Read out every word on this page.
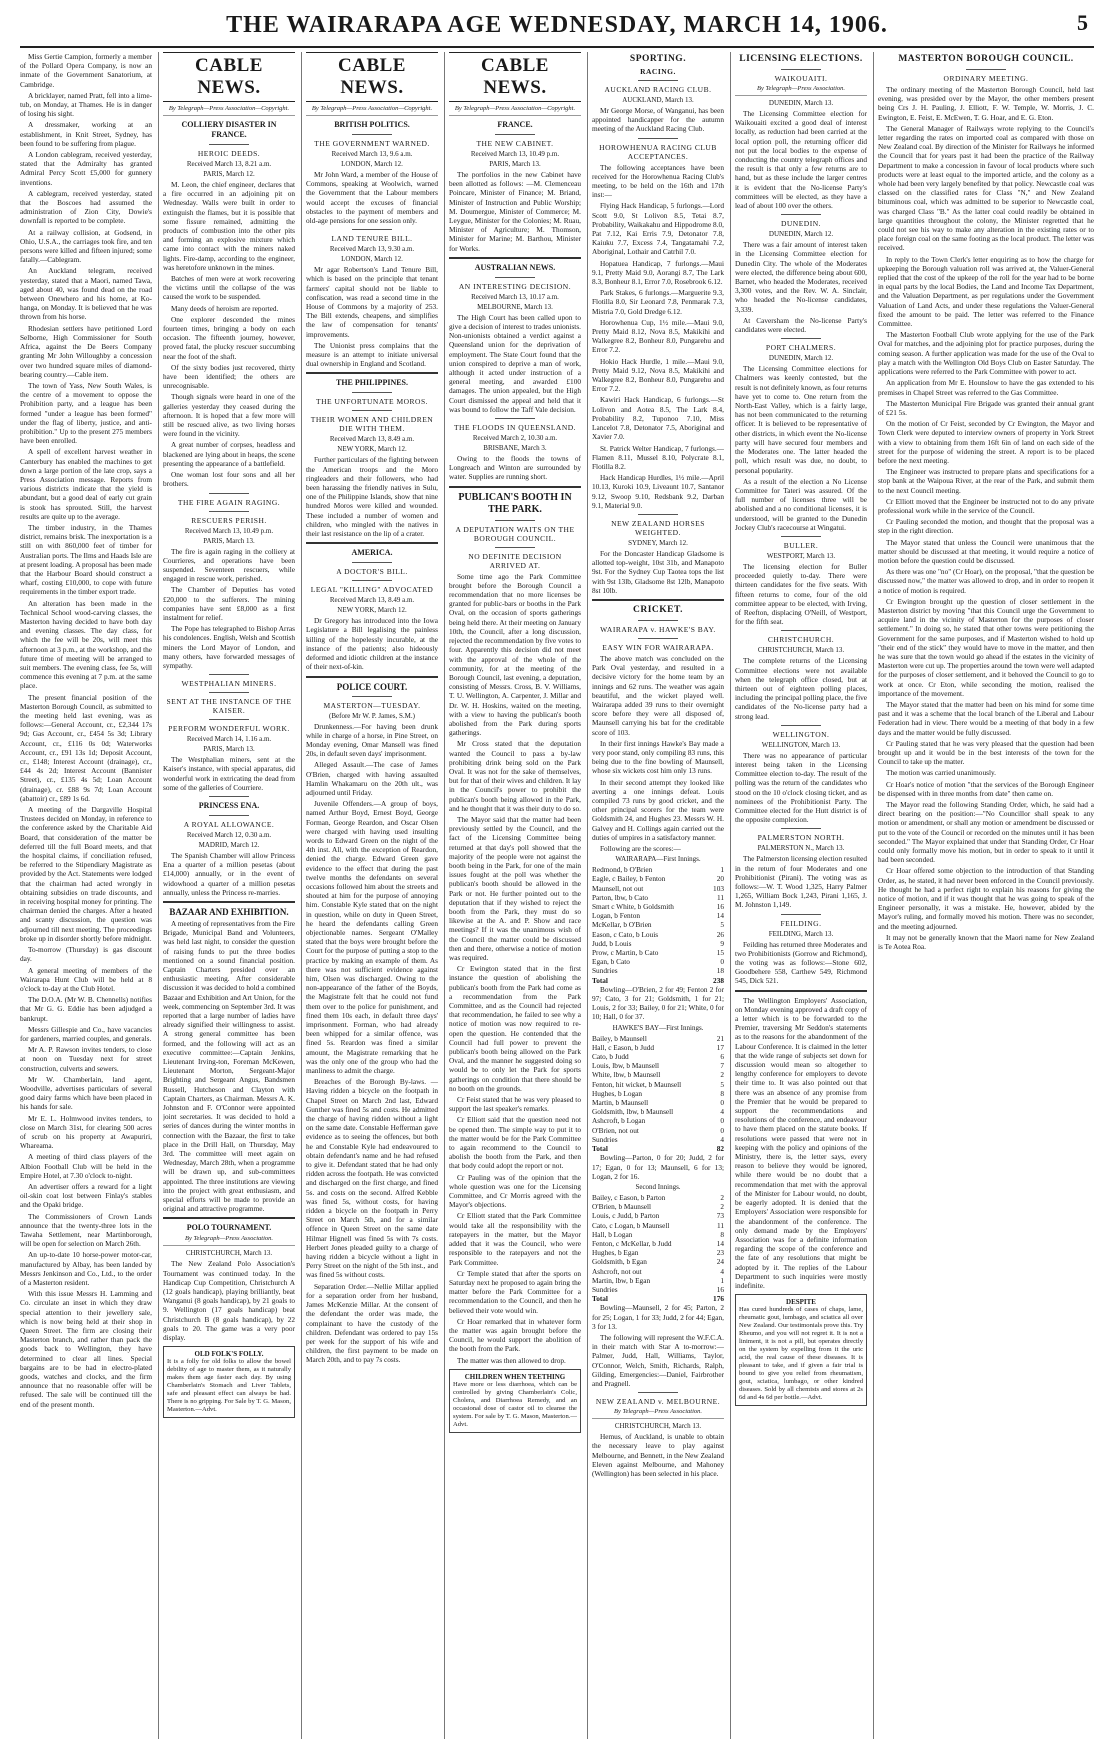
THE WAIRARAPA AGE WEDNESDAY, MARCH 14, 1906.	5

Miss Gertie Campion, formerly a member of the Pollard Opera Company, is now an inmate of the Government Sanatorium, at Cambridge.

A bricklayer, named Pratt, fell into a lime-tub, on Monday, at Thames. He is in danger of losing his sight.

A dressmaker, working at an establishment, in Knit Street, Sydney, has been found to be suffering from plague.

A London cablegram, received yesterday, stated that the Admiralty has granted Admiral Percy Scott £5,000 for gunnery inventions.

A cablegram, received yesterday, stated that the Boscoes had assumed the administration of Zion City, Dowie's downfall is reported to be complete.

At a railway collision, at Godsend, in Ohio, U.S.A., the carriages took fire, and ten persons were killed and fifteen injured; some fatally.—Cablegram.

An Auckland telegram, received yesterday, stated that a Maori, named Tawa, aged about 40, was found dead on the road between Onewhero and his home, at Ko-hanga, on Monday. It is believed that he was thrown from his horse.

Rhodesian settlers have petitioned Lord Selborne, High Commissioner for South Africa, against the De Beers Company granting Mr John Willoughby a concession over two hundred square miles of diamond-bearing country.—Cable item.

The town of Yass, New South Wales, is the centre of a movement to oppose the Prohibition party, and a league has been formed "under a league has been formed" under the flag of liberty, justice, and anti-prohibition." Up to the present 275 members have been enrolled.

A spell of excellent harvest weather in Canterbury has enabled the machines to get down a large portion of the late crop, says a Press Association message. Reports from various districts indicate that the yield is abundant, but a good deal of early cut grain is stook has sprouted. Still, the harvest results are quite up to the average.

The timber industry, in the Thames district, remains brisk. The inexportation is a still on with 860,000 feet of timber for Australian ports. The Ilms and Haads Isle are at present loading. A proposal has been made that the Harbour Board should construct a wharf, costing £10,000, to cope with future requirements in the timber export trade.

An alteration has been made in the Technical School wood-carving classes, the Masterton having decided to have both day and evening classes. The day class, for which the fee will be 20s, will meet this afternoon at 3 p.m., at the workshop, and the future time of meeting will be arranged to suit members. The evening class, fee 5s, will commence this evening at 7 p.m. at the same place.

The present financial position of the Masterton Borough Council, as submitted to the meeting held last evening, was as follows:—General Account, cr., £2,344 17s 9d; Gas Account, cr., £454 5s 3d; Library Account, cr., £116 0s 0d; Waterworks Account, cr., £91 13s 1d; Deposit Account, cr., £148; Interest Account (drainage), cr., £44 4s 2d; Interest Account (Bannister Street), cr., £135 4s 5d; Loan Account (drainage), cr. £88 9s 7d; Loan Account (abattoir) cr., £89 1s 6d.

A meeting of the Dargaville Hospital Trustees decided on Monday, in reference to the conference asked by the Charitable Aid Board, that consideration of the matter be deferred till the full Board meets, and that the hospital claims, if conciliation refused, be referred to the Stipendiary Magistrate as provided by the Act. Statements were lodged that the chairman had acted wrongly in obtaining subsidies on trade discounts, and in receiving hospital money for printing. The chairman denied the charges. After a heated and scanty discussion, the question was adjourned till next meeting. The proceedings broke up in disorder shortly before midnight.

To-morrow (Thursday) is gas discount day.

A general meeting of members of the Wairarapa Hunt Club will be held at 8 o'clock to-day at the Club Hotel.

The D.O.A. (Mr W. B. Chennells) notifies that Mr G. G. Eddie has been adjudged a bankrupt.

Messrs Gillespie and Co., have vacancies for gardeners, married couples, and generals.

Mr A. P. Rawson invites tenders, to close at noon on Tuesday next for street construction, culverts and sewers.

Mr W. Chamberlain, land agent, Woodville, advertises particulars of several good dairy farms which have been placed in his hands for sale.

Mr E. L. Holmwood invites tenders, to close on March 31st, for clearing 500 acres of scrub on his property at Awapuriri, Whareama.

A meeting of third class players of the Albion Football Club will be held in the Empire Hotel, at 7.30 o'clock to-night.

An advertiser offers a reward for a light oil-skin coat lost between Finlay's stables and the Opaki bridge.

The Commissioners of Crown Lands announce that the twenty-three lots in the Tawaha Settlement, near Martinborough, will be open for selection on March 26th.

An up-to-date 10 horse-power motor-car, manufactured by Albay, has been landed by Messrs Jenkinson and Co., Ltd., to the order of a Masterton resident.

With this issue Messrs H. Lamming and Co. circulate an inset in which they draw special attention to their jewellery sale, which is now being held at their shop in Queen Street. The firm are closing their Masterton branch, and rather than pack the goods back to Wellington, they have determined to clear all lines. Special bargains are to be had in electro-plated goods, watches and clocks, and the firm announce that no reasonable offer will be refused. The sale will be continued till the end of the present month.

CABLE NEWS.
By Telegraph—Press Association—Copyright.
COLLIERY DISASTER IN FRANCE.
HEROIC DEEDS.
Received March 13, 8.21 a.m.
PARIS, March 12.

M. Leon, the chief engineer, declares that a fire occurred in an adjoining pit on Wednesday. Walls were built in order to extinguish the flames, but it is possible that some fissure remained, admitting the products of combustion into the other pits and forming an explosive mixture which came into contact with the miners naked lights. Fire-damp, according to the engineer, was heretofore unknown in the mines.

Batches of men were at work recovering the victims until the collapse of the was caused the work to be suspended.

Many deeds of heroism are reported.

One explorer descended the mines fourteen times, bringing a body on each occasion. The fifteenth journey, however, proved fatal, the plucky rescuer succumbing near the foot of the shaft.

Of the sixty bodies just recovered, thirty have been identified; the others are unrecognisable.

Though signals were heard in one of the galleries yesterday they ceased during the afternoon. It is hoped that a few more will still be rescued alive, as two living horses were found in the vicinity.

A great number of corpses, headless and blackened are lying about in heaps, the scene presenting the appearance of a battlefield.

One woman lost four sons and all her brothers.

THE FIRE AGAIN RAGING.
RESCUERS PERISH.
Received March 13, 10.49 p.m.
PARIS, March 13.

The fire is again raging in the colliery at Courrieres, and operations have been suspended. Seventeen rescuers, while engaged in rescue work, perished.

The Chamber of Deputies has voted £20,000 to the sufferers. The mining companies have sent £8,000 as a first instalment for relief.

The Pope has telegraphed to Bishop Arras his condolences. English, Welsh and Scottish miners the Lord Mayor of London, and many others, have forwarded messages of sympathy.

WESTPHALIAN MINERS.
SENT AT THE INSTANCE OF THE KAISER.
PERFORM WONDERFUL WORK.
Received March 14, 1.16 a.m.
PARIS, March 13.

The Westphalian miners, sent at the Kaiser's instance, with special apparatus, did wonderful work in extricating the dead from some of the galleries of Courriere.

PRINCESS ENA.
A ROYAL ALLOWANCE.
Received March 12, 0.30 a.m.
MADRID, March 12.

The Spanish Chamber will allow Princess Ena a quarter of a million pesetas (about £14,000) annually, or in the event of widowhood a quarter of a million pesetas annually, unless the Princess re-marries.

BAZAAR AND EXHIBITION.

A meeting of representatives from the Fire Brigade, Municipal Band and Volunteers, was held last night, to consider the question of raising funds to put the three bodies mentioned on a sound financial position. Captain Charters presided over an enthusiastic meeting. After considerable discussion it was decided to hold a combined Bazaar and Exhibition and Art Union, for the week, commencing on September 3rd. It was reported that a large number of ladies have already signified their willingness to assist. A strong general committee has been formed, and the following will act as an executive committee:—Captain Jenkins, Lieutenant Irving-ton, Foreman McKewen, Lieutenant Morton, Sergeant-Major Brighting and Sergeant Angus, Bandsmen Russell, Hutcheson and Clayton with Captain Charters, as Chairman. Messrs A. K. Johnston and F. O'Connor were appointed joint secretaries. It was decided to hold a series of dances during the winter months in connection with the Bazaar, the first to take place in the Drill Hall, on Thursday, May 3rd. The committee will meet again on Wednesday, March 28th, when a programme will be drawn up, and sub-committees appointed. The three institutions are viewing into the project with great enthusiasm, and special efforts will be made to provide an original and attractive programme.

POLO TOURNAMENT.
By Telegraph—Press Association.
CHRISTCHURCH, March 13.

The New Zealand Polo Association's Tournament was continued today. In the Handicap Cup Competition, Christchurch A (12 goals handicap), playing brilliantly, beat Wanganui (8 goals handicap), by 21 goals to 9. Wellington (17 goals handicap) beat Christchurch B (8 goals handicap), by 22 goals to 20. The game was a very poor display.

OLD FOLK'S FOLLY.
It is a folly for old folks to allow the bowel debility of age to master them, as it naturally makes them age faster each day. By using Chamberlain's Stomach and Liver Tablets, safe and pleasant effect can always be had. There is no gripping. For Sale by T. G. Mason, Masterton.—Advt.
CABLE NEWS.
By Telegraph—Press Association—Copyright.
BRITISH POLITICS.
THE GOVERNMENT WARNED.
Received March 13, 9.6 a.m.
LONDON, March 12.

Mr John Ward, a member of the House of Commons, speaking at Woolwich, warned the Government that the Labour members would accept the excuses of financial obstacles to the payment of members and old-age pensions for one session only.

LAND TENURE BILL.
Received March 13, 9.30 a.m.
LONDON, March 12.

Mr agar Robertson's Land Tenure Bill, which is based on the principle that tenant farmers' capital should not be liable to confiscation, was read a second time in the House of Commons by a majority of 253. The Bill extends, cheapens, and simplifies the law of compensation for tenants' improvements.

The Unionist press complains that the measure is an attempt to initiate universal dual ownership in England and Scotland.

THE PHILIPPINES.
THE UNFORTUNATE MOROS.
THEIR WOMEN AND CHILDREN DIE WITH THEM.
Received March 13, 8.49 a.m.
NEW YORK, March 12.

Further particulars of the fighting between the American troops and the Moro ringleaders and their followers, who had been harassing the friendly natives in Sulu, one of the Philippine Islands, show that nine hundred Moros were killed and wounded. These included a number of women and children, who mingled with the natives in their last resistance on the lip of a crater.

AMERICA.
A DOCTOR'S BILL.
LEGAL "KILLING" ADVOCATED
Received March 13, 8.49 a.m.
NEW YORK, March 12.

Dr Gregory has introduced into the Iowa Legislature a Bill legalising the painless killing of the hopelessly incurable, at the instance of the patients; also hideously deformed and idiotic children at the instance of their next-of-kin.

POLICE COURT.
MASTERTON—TUESDAY.
(Before Mr W. P. James, S.M.)

Drunkenness.—For having been drunk while in charge of a horse, in Pine Street, on Monday evening, Omar Mansell was fined 20s, in default seven days' imprisonment.

Alleged Assault.—The case of James O'Brien, charged with having assaulted Hamlin Whakamaru on the 20th ult., was adjourned until Friday.

Juvenile Offenders.—A group of boys, named Arthur Boyd, Ernest Boyd, George Forman, George Reardon, and Oscar Olsen were charged with having used insulting words to Edward Green on the night of the 4th inst. All, with the exception of Reardon, denied the charge. Edward Green gave evidence to the effect that during the past twelve months the defendants on several occasions followed him about the streets and shouted at him for the purpose of annoying him. Constable Kyle stated that on the night in question, while on duty in Queen Street, he heard the defendants calling Green objectionable names. Sergeant O'Malley stated that the boys were brought before the Court for the purpose of putting a stop to the practice by making an example of them. As there was not sufficient evidence against him, Olsen was discharged. Owing to the non-appearance of the father of the Boyds, the Magistrate felt that he could not fund them over to the police for punishment, and fined them 10s each, in default three days' imprisonment. Forman, who had already been whipped for a similar offence, was fined 5s. Reardon was fined a similar amount, the Magistrate remarking that he was the only one of the group who had the manliness to admit the charge.

Breaches of the Borough By-laws. —Having ridden a bicycle on the footpath in Chapel Street on March 2nd last, Edward Gunther was fined 5s and costs. He admitted the charge of having ridden without a light on the same date. Constable Hefferman gave evidence as to seeing the offences, but both he and Constable Kyle had endeavoured to obtain defendant's name and he had refused to give it. Defendant stated that he had only ridden across the footpath. He was convicted and discharged on the first charge, and fined 5s. and costs on the second. Alfred Kebble was fined 5s, without costs, for having ridden a bicycle on the footpath in Perry Street on March 5th, and for a similar offence in Queen Street on the same date Hilmar Hignell was fined 5s with 7s costs. Herbert Jones pleaded guilty to a charge of having ridden a bicycle without a light in Perry Street on the night of the 5th inst., and was fined 5s without costs.

Separation Order.—Nellie Millar applied for a separation order from her husband, James McKenzie Millar. At the consent of the defendant the order was made, the complainant to have the custody of the children. Defendant was ordered to pay 15s per week for the support of his wife and children, the first payment to be made on March 20th, and to pay 7s costs.

CABLE NEWS.
By Telegraph—Press Association—Copyright.
FRANCE.
THE NEW CABINET.
Received March 13, 10.49 p.m.
PARIS, March 13.

The portfolios in the new Cabinet have been allotted as follows: —M. Clemenceau Poincare, Minister of Finance; M. Briand, Minister of Instruction and Public Worship; M. Doumergue, Minister of Commerce; M. Leygue, Minister for the Colonies; M. Ruau, Minister of Agriculture; M. Thomson, Minister for Marine; M. Barthou, Minister for Works.

AUSTRALIAN NEWS.
AN INTERESTING DECISION.
Received March 13, 10.17 a.m.
MELBOURNE, March 13.

The High Court has been called upon to give a decision of interest to trades unionists. Non-unionists obtained a verdict against a Queensland union for the deprivation of employment. The State Court found that the union conspired to deprive a man of work, although it acted under instruction of a general meeting, and awarded £100 damages. The union appealed, but the High Court dismissed the appeal and held that it was bound to follow the Taff Vale decision.

THE FLOODS IN QUEENSLAND.
Received March 2, 10.30 a.m.
BRISBANE, March 3.

Owing to the floods the towns of Longreach and Winton are surrounded by water. Supplies are running short.

PUBLICAN'S BOOTH IN THE PARK.
A DEPUTATION WAITS ON THE BOROUGH COUNCIL.
NO DEFINITE DECISION ARRIVED AT.

Some time ago the Park Committee brought before the Borough Council a recommendation that no more licenses be granted for public-bars or booths in the Park Oval, on the occasion of sports gatherings being held there. At their meeting on January 10th, the Council, after a long discussion, rejected the recommendation by five votes to four. Apparently this decision did not meet with the approval of the whole of the community, for at the meeting of the Borough Council, last evening, a deputation, consisting of Messrs. Cross, B. V. Williams, T. U. Wellington, A. Carpenter, J. Millar and Dr. W. H. Hoskins, waited on the meeting, with a view to having the publican's booth abolished from the Park during sports gatherings.

Mr Cross stated that the deputation wanted the Council to pass a by-law prohibiting drink being sold on the Park Oval. It was not for the sake of themselves, but for that of their wives and children. It lay in the Council's power to prohibit the publican's booth being allowed in the Park, and he thought that it was their duty to do so.

The Mayor said that the matter had been previously settled by the Council, and the fact of the Licensing Committee being returned at that day's poll showed that the majority of the people were not against the booth being in the Park, for one of the main issues fought at the poll was whether the publican's booth should be allowed in the Park or not. He further pointed out to the deputation that if they wished to reject the booth from the Park, they must do so likewise at the A. and P. Show and race meetings? If it was the unanimous wish of the Council the matter could be discussed then and there, otherwise a notice of motion was required.

Cr Ewington stated that in the first instance the question of abolishing the publican's booth from the Park had come as a recommendation from the Park Committee, and as the Council had rejected that recommendation, he failed to see why a notice of motion was now required to re-open the question. He contended that the Council had full power to prevent the publican's booth being allowed on the Park Oval, and the manner he suggested doing so would be to only let the Park for sports gatherings on condition that there should be no booth on the grounds.

Cr Feist stated that he was very pleased to support the last speaker's remarks.

Cr Elliott said that the question need not be opened then. The simple way to put it to the matter would be for the Park Committee to again recommend to the Council to abolish the booth from the Park, and then that body could adopt the report or not.

Cr Pauling was of the opinion that the whole question was one for the Licensing Committee, and Cr Morris agreed with the Mayor's objections.

Cr Elliott stated that the Park Committee would take all the responsibility with the ratepayers in the matter, but the Mayor added that it was the Council, who were responsible to the ratepayers and not the Park Committee.

Cr Temple stated that after the sports on Saturday next he proposed to again bring the matter before the Park Committee for a recommendation to the Council, and then he believed their vote would win.

Cr Hoar remarked that in whatever form the matter was again brought before the Council, he would support the abolition of the booth from the Park.

The matter was then allowed to drop.

CHILDREN WHEN TEETHING
Have more or less diarrhoea, which can be controlled by giving Chamberlain's Colic, Cholera, and Diarrhoea Remedy, and an occasional dose of castor oil to cleanse the system. For sale by T. G. Mason, Masterton.—Advt.
SPORTING.
RACING.
AUCKLAND RACING CLUB.
AUCKLAND, March 13.

Mr George Morse, of Wanganui, has been appointed handicapper for the autumn meeting of the Auckland Racing Club.

HOROWHENUA RACING CLUB ACCEPTANCES.

The following acceptances have been received for the Horowhenua Racing Club's meeting, to be held on the 16th and 17th inst:—

Flying Hack Handicap, 5 furlongs.—Lord Scott 9.0, St Lolivon 8.5, Tetai 8.7, Probability, Waikakahu and Hippodrome 8.0, Pat 7.12, Kai Erris 7.9, Detonator 7.8, Kaiuku 7.7, Excess 7.4, Tangatamahi 7.2, Aboriginal, Lothair and Catrhil 7.0.

Hopatuea Handicap, 7 furlongs.—Maui 9.1, Pretty Maid 9.0, Aorangi 8.7, The Lark 8.3, Bonheur 8.1, Error 7.0, Rosebrook 6.12.

Park Stakes, 6 furlongs.—Marguerite 9.3, Flotilla 8.0, Sir Leonard 7.8, Penmarak 7.3, Mistria 7.0, Gold Dredge 6.12.

Horowhenua Cup, 1½ mile.—Maui 9.0, Pretty Maid 8.12, Nova 8.5, Makikihi and Walkegree 8.2, Bonheur 8.0, Pungarehu and Error 7.2.

Hokio Hack Hurdle, 1 mile.—Maui 9.0, Pretty Maid 9.12, Nova 8.5, Makikihi and Walkegree 8.2, Bonheur 8.0, Pungarehu and Error 7.2.

Kawiri Hack Handicap, 6 furlongs.—St Lolivon and Aotea 8.5, The Lark 8.4, Probability 8.2, Tuponoo 7.10, Miss Lancelot 7.8, Detonator 7.5, Aboriginal and Xavier 7.0.

St. Patrick Welter Handicap, 7 furlongs.—Flamen 8.11, Mussel 8.10, Polycrate 8.1, Flotilla 8.2.

Hack Handicap Hurdles, 1½ mile.—April 10.13, Kuroki 10.9, Liveaunt 10.7, Santanor 9.12, Swoop 9.10, Redsbank 9.2, Darban 9.1, Material 9.0.

NEW ZEALAND HORSES WEIGHTED.
SYDNEY, March 12.

For the Doncaster Handicap Gladsome is allotted top-weight, 10st 31b, and Manapoto 9st. For the Sydney Cup Taotea tops the list with 9st 13lb, Gladsome 8st 12lb, Manapoto 8st 10lb.

CRICKET.
WAIRARAPA v. HAWKE'S BAY.
EASY WIN FOR WAIRARAPA.

The above match was concluded on the Park Oval yesterday, and resulted in a decisive victory for the home team by an innings and 62 runs. The weather was again beautiful, and the wicket played well. Wairarapa added 39 runs to their overnight score before they were all disposed of, Maunsell carrying his bat for the creditable score of 103.

In their first innings Hawke's Bay made a very poor stand, only compiling 83 runs, this being due to the fine bowling of Maunsell, whose six wickets cost him only 13 runs.

In their second attempt they looked like averting a one innings defeat. Louis compiled 73 runs by good cricket, and the other principal scorers for the team were Goldsmith 24, and Hughes 23. Messrs W. H. Galvey and H. Collings again carried out the duties of umpires in a satisfactory manner.

Following are the scores:—

WAIRARAPA—First Innings.
Redmond, b O'Brien	1
Eagle, c Bailey, b Fenton	20
Maunsell, not out	103
Parton, lbw, b Cato	11
Smart c White, b Goldsmith	16
Logan, b Fenton	14
McKellar, b O'Brien	5
Eason, c Cato, b Louis	26
Judd, b Louis	9
Prow, c Martin, b Cato	15
Egan, b Cato	0
Sundries	18
Total	238

Bowling—O'Brien, 2 for 49; Fenton 2 for 97; Cato, 3 for 21; Goldsmith, 1 for 21; Louis, 2 for 33; Bailey, 0 for 21; White, 0 for 10; Hall, 0 for 37.

HAWKE'S BAY—First Innings.
Bailey, b Maunsell	21
Hall, c Eason, b Judd	17
Cato, b Judd	6
Louis, lbw, b Maunsell	7
White, lbw, b Maunsell	2
Fenton, hit wicket, b Maunsell	5
Hughes, b Logan	8
Martin, b Maunsell	0
Goldsmith, lbw, b Maunsell	4
Ashcroft, b Logan	0
O'Brien, not out	0
Sundries	4
Total	82

Bowling—Parton, 0 for 20; Judd, 2 for 17; Egan, 0 for 13; Maunsell, 6 for 13; Logan, 2 for 16.

Second Innings.
Bailey, c Eason, b Parton	2
O'Brien, b Maunsell	2
Louis, c Judd, b Parton	73
Cato, c Logan, b Maunsell	11
Hall, b Logan	8
Fenton, c McKellar, b Judd	14
Hughes, b Egan	23
Goldsmith, b Egan	24
Ashcroft, not out	4
Martin, lbw, b Egan	1
Sundries	16
Total	176

Bowling—Maunsell, 2 for 45; Parton, 2 for 25; Logan, 1 for 33; Judd, 2 for 44; Egan, 3 for 13.

The following will represent the W.F.C.A. in their match with Star A to-morrow:—Palmer, Judd, Hall, Williams, Taylor, O'Connor, Welch, Smith, Richards, Ralph, Gilding, Emergencies:—Daniel, Fairbrother and Pragnell.

NEW ZEALAND v. MELBOURNE.
By Telegraph—Press Association.
CHRISTCHURCH, March 13.

Hemus, of Auckland, is unable to obtain the necessary leave to play against Melbourne, and Bennett, in the New Zealand Eleven against Melbourne, and Mahoney (Wellington) has been selected in his place.

LICENSING ELECTIONS.
WAIKOUAITI.
By Telegraph—Press Association.
DUNEDIN, March 13.

The Licensing Committee election for Waikouaiti excited a good deal of interest locally, as reduction had been carried at the local option poll, the returning officer did not put the local bodies to the expense of conducting the country telegraph offices and the result is that only a few returns are to hand, but as these include the larger centres it is evident that the No-license Party's committees will be elected, as they have a lead of about 100 over the others.

DUNEDIN.
DUNEDIN, March 12.

There was a fair amount of interest taken in the Licensing Committee election for Dunedin City. The whole of the Moderates were elected, the difference being about 600, Barnet, who headed the Moderates, received 3,300 votes, and the Rev. W. A. Sinclair, who headed the No-license candidates, 3,339.

At Caversham the No-license Party's candidates were elected.

PORT CHALMERS.
DUNEDIN, March 12.

The Licensing Committee elections for Chalmers was keenly contested, but the result is not definitely known, as four returns have yet to come to. One return from the North-East Valley, which is a fairly large, has not been communicated to the returning officer. It is believed to be representative of other districts, in which event the No-license party will have secured four members and the Moderates one. The latter headed the poll, which result was due, no doubt, to personal popularity.

As a result of the election a No License Committee for Tateri was assured. Of the full number of licenses three will be abolished and a no conditional licenses, it is understood, will be granted to the Dunedin Jockey Club's racecourse at Wingatui.

BULLER.
WESTPORT, March 13.

The licensing election for Buller proceeded quietly to-day. There were thirteen candidates for the five seats. With fifteen returns to come, four of the old committee appear to be elected, with Irving, of Reefton, displacing O'Neill, of Westport, for the fifth seat.

CHRISTCHURCH.
CHRISTCHURCH, March 13.

The complete returns of the Licensing Committee elections were not available when the telegraph office closed, but at thirteen out of eighteen polling places, including the principal polling place, the five candidates of the No-license party had a strong lead.

WELLINGTON.
WELLINGTON, March 13.

There was no appearance of particular interest being taken in the Licensing Committee election to-day. The result of the polling was the return of the candidates who stood on the 10 o'clock closing ticket, and as nominees of the Prohibitionist Party. The Committee elected for the Hutt district is of the opposite complexion.

PALMERSTON NORTH.
PALMERSTON N., March 13.

The Palmerston licensing election resulted in the return of four Moderates and one Prohibitionist (Pirani). The voting was as follows:—W. T. Wood 1,325, Harry Palmer 1,265, William Bock 1,243, Pirani 1,165, J. M. Johnston 1,149.

FEILDING.
FEILDING, March 13.

Feilding has returned three Moderates and two Prohibitionists (Gorrow and Richmond), the voting was as follows:—Stone 602, Goodbehere 558, Carthew 549, Richmond 545, Dick 521.

The Wellington Employers' Association, on Monday evening approved a draft copy of a letter which is to be forwarded to the Premier, traversing Mr Seddon's statements as to the reasons for the abandonment of the Labour Conference. It is claimed in the letter that the wide range of subjects set down for discussion would mean so altogether to lengthy conference for employers to devote their time to. It was also pointed out that there was an absence of any promise from the Premier that he would be prepared to support the recommendations and resolutions of the conference, and endeavour to have them placed on the statute books. If resolutions were passed that were not in keeping with the policy and opinions of the Ministry, there is, the letter says, every reason to believe they would be ignored, while there would be no doubt that a recommendation that met with the approval of the Minister for Labour would, no doubt, be eagerly adopted. It is denied that the Employers' Association were responsible for the abandonment of the conference. The only demand made by the Employers' Association was for a definite information regarding the scope of the conference and the fate of any resolutions that might be adopted by it. The replies of the Labour Department to such inquiries were mostly indefinite.

DESPITE
Has cured hundreds of cases of chaps, lame, rheumatic gout, lumbago, and sciatica all over New Zealand. Our testimonials prove this. Try Rheumo, and you will not regret it. It is not a liniment, it is not a pill, but operates directly on the system by expelling from it the uric acid, the real cause of these diseases. It is pleasant to take, and if given a fair trial is bound to give you relief from rheumatism, gout, sciatica, lumbago, or other kindred diseases. Sold by all chemists and stores at 2s 6d and 4s 6d per bottle.—Advt.
MASTERTON BOROUGH COUNCIL.
ORDINARY MEETING.

The ordinary meeting of the Masterton Borough Council, held last evening, was presided over by the Mayor, the other members present being Crs J. H. Pauling, J. Elliott, F. W. Temple, W. Morris, J. C. Ewington, E. Feist, E. McEwen, T. G. Hoar, and E. G. Eton.

The General Manager of Railways wrote replying to the Council's letter regarding the rates on imported coal as compared with those on New Zealand coal. By direction of the Minister for Railways he informed the Council that for years past it had been the practice of the Railway Department to make a concession in favour of local products where such products were at least equal to the imported article, and the colony as a whole had been very largely benefited by that policy. Newcastle coal was classed on the classified rates for Class "N," and New Zealand bituminous coal, which was admitted to be superior to Newcastle coal, was charged Class "B." As the latter coal could readily be obtained in large quantities throughout the colony, the Minister regretted that he could not see his way to make any alteration in the existing rates or to place foreign coal on the same footing as the local product. The letter was received.

In reply to the Town Clerk's letter enquiring as to how the charge for upkeeping the Borough valuation roll was arrived at, the Valuer-General replied that the cost of the upkeep of the roll for the year had to be borne in equal parts by the local Bodies, the Land and Income Tax Department, and the Valuation Department, as per regulations under the Government Valuation of Land Acts, and under these regulations the Valuer-General fixed the amount to be paid. The letter was referred to the Finance Committee.

The Masterton Football Club wrote applying for the use of the Park Oval for matches, and the adjoining plot for practice purposes, during the coming season. A further application was made for the use of the Oval to play a match with the Wellington Old Boys Club on Easter Saturday. The applications were referred to the Park Committee with power to act.

An application from Mr E. Hounslow to have the gas extended to his premises in Chapel Street was referred to the Gas Committee.

The Masterton Municipal Fire Brigade was granted their annual grant of £21 5s.

On the motion of Cr Feist, seconded by Cr Ewington, the Mayor and Town Clerk were deputed to interview owners of property in York Street with a view to obtaining from them 16ft 6in of land on each side of the street for the purpose of widening the street. A report is to be placed before the next meeting.

The Engineer was instructed to prepare plans and specifications for a stop bank at the Waipoua River, at the rear of the Park, and submit them to the next Council meeting.

Cr Elliott moved that the Engineer be instructed not to do any private professional work while in the service of the Council.

Cr Pauling seconded the motion, and thought that the proposal was a step in the right direction.

The Mayor stated that unless the Council were unanimous that the matter should be discussed at that meeting, it would require a notice of motion before the question could be discussed.

As there was one "no" (Cr Hoar), on the proposal, "that the question be discussed now," the matter was allowed to drop, and in order to reopen it a notice of motion is required.

Cr Ewington brought up the question of closer settlement in the Masterton district by moving "that this Council urge the Government to acquire land in the vicinity of Masterton for the purposes of closer settlement." In doing so, he stated that other towns were petitioning the Government for the same purposes, and if Masterton wished to hold up "their end of the stick" they would have to move in the matter, and then he was sure that the town would go ahead if the estates in the vicinity of Masterton were cut up. The properties around the town were well adapted for the purposes of closer settlement, and it behoved the Council to go to work at once. Cr Eton, while seconding the motion, realised the importance of the movement.

The Mayor stated that the matter had been on his mind for some time past and it was a scheme that the local branch of the Liberal and Labour Federation had in view. There would be a meeting of that body in a few days and the matter would be fully discussed.

Cr Pauling stated that he was very pleased that the question had been brought up and it would be in the best interests of the town for the Council to take up the matter.

The motion was carried unanimously.

Cr Hoar's notice of motion "that the services of the Borough Engineer be dispensed with in three months from date" then came on.

The Mayor read the following Standing Order, which, he said had a direct bearing on the position:—"No Councillor shall speak to any motion or amendment, or shall any motion or amendment be discussed or put to the vote of the Council or recorded on the minutes until it has been seconded." The Mayor explained that under that Standing Order, Cr Hoar could only formally move his motion, but in order to speak to it until it had been seconded.

Cr Hoar offered some objection to the introduction of that Standing Order, as, he stated, it had never been enforced in the Council previously. He thought he had a perfect right to explain his reasons for giving the notice of motion, and if it was thought that he was going to speak of the Engineer personally, it was a mistake. He, however, abided by the Mayor's ruling, and formally moved his motion. There was no seconder, and the meeting adjourned.

It may not be generally known that the Maori name for New Zealand is Te Aotea Roa.
